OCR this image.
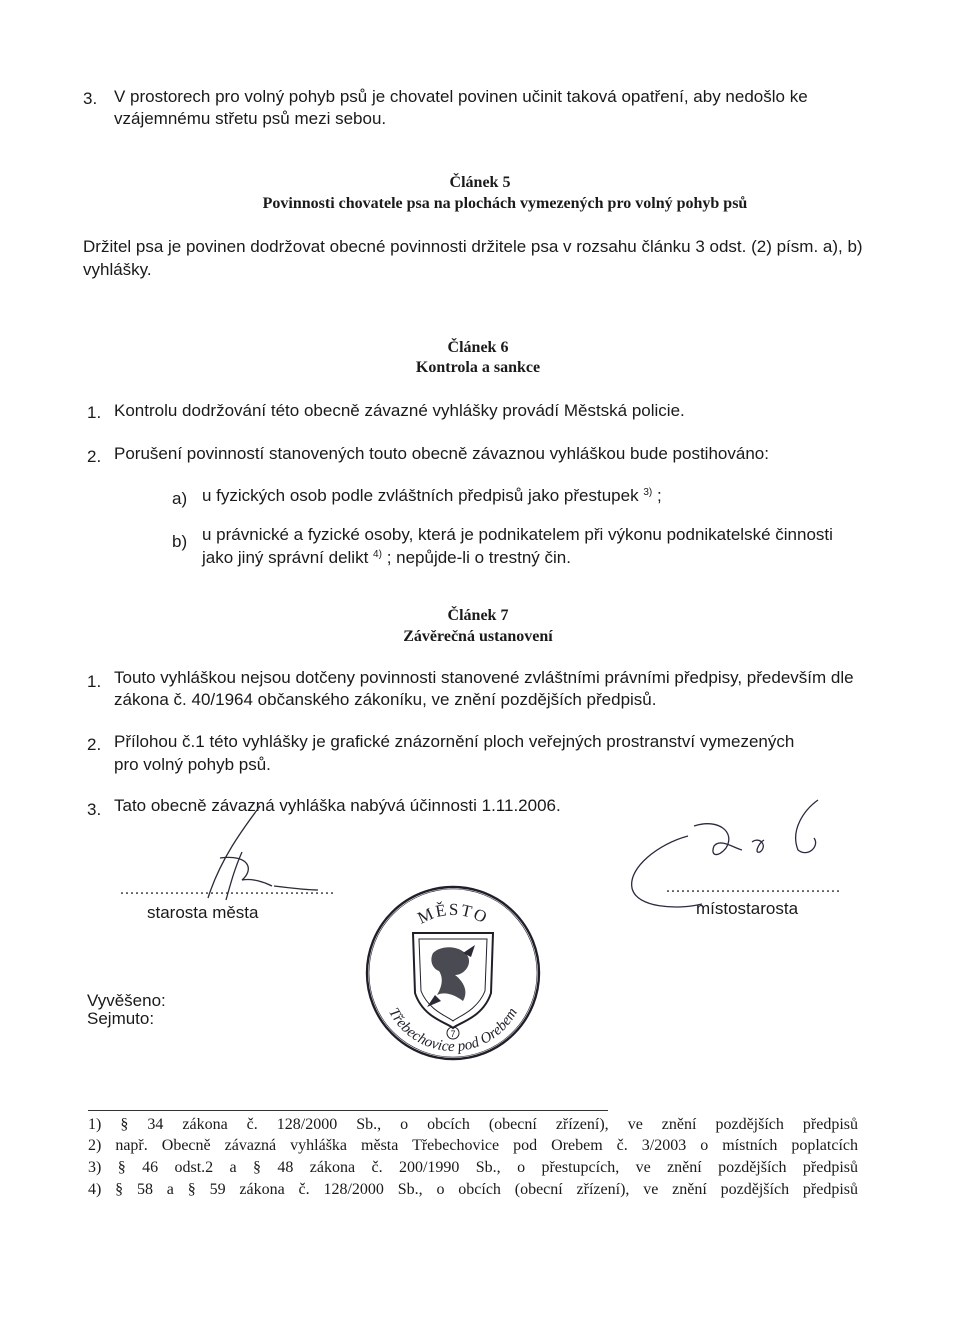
3. V prostorech pro volný pohyb psů je chovatel povinen učinit taková opatření, aby nedošlo ke
vzájemnému střetu psů mezi sebou.
Článek 5
Povinnosti chovatele psa na plochách vymezených pro volný pohyb psů
Držitel psa je povinen dodržovat obecné povinnosti držitele psa v rozsahu článku 3 odst. (2) písm. a), b)
vyhlášky.
Článek 6
Kontrola a sankce
1. Kontrolu dodržování této obecně závazné vyhlášky provádí Městská policie.
2. Porušení povinností stanovených touto obecně závaznou vyhláškou bude postihováno:
a) u fyzických osob podle zvláštních předpisů jako přestupek $^{3)}$ ;
b) u právnické a fyzické osoby, která je podnikatelem při výkonu podnikatelské činnosti
jako jiný správní delikt $^{4)}$ ; nepůjde-li o trestný čin.
Článek 7
Závěrečná ustanovení
1. Touto vyhláškou nejsou dotčeny povinnosti stanovené zvláštními právními předpisy, především dle
zákona č. 40/1964 občanského zákoníku, ve znění pozdějších předpisů.
2. Přílohou č.1 této vyhlášky je grafické znázornění ploch veřejných prostranství vymezených
pro volný pohyb psů.
3. Tato obecně závazná vyhláška nabývá účinnosti 1.11.2006.
...........................................
starosta města
...................................
místostarosta
MĚSTO
Třebechovice pod Orebem
7
Vyvěšeno:
Sejmuto:
1) § 34 zákona č. 128/2000 Sb., o obcích (obecní zřízení), ve znění pozdějších předpisů
2) např. Obecně závazná vyhláška města Třebechovice pod Orebem č. 3/2003 o místních poplatcích
3) § 46 odst.2 a § 48 zákona č. 200/1990 Sb., o přestupcích, ve znění pozdějších předpisů
4) § 58 a § 59 zákona č. 128/2000 Sb., o obcích (obecní zřízení), ve znění pozdějších předpisů
